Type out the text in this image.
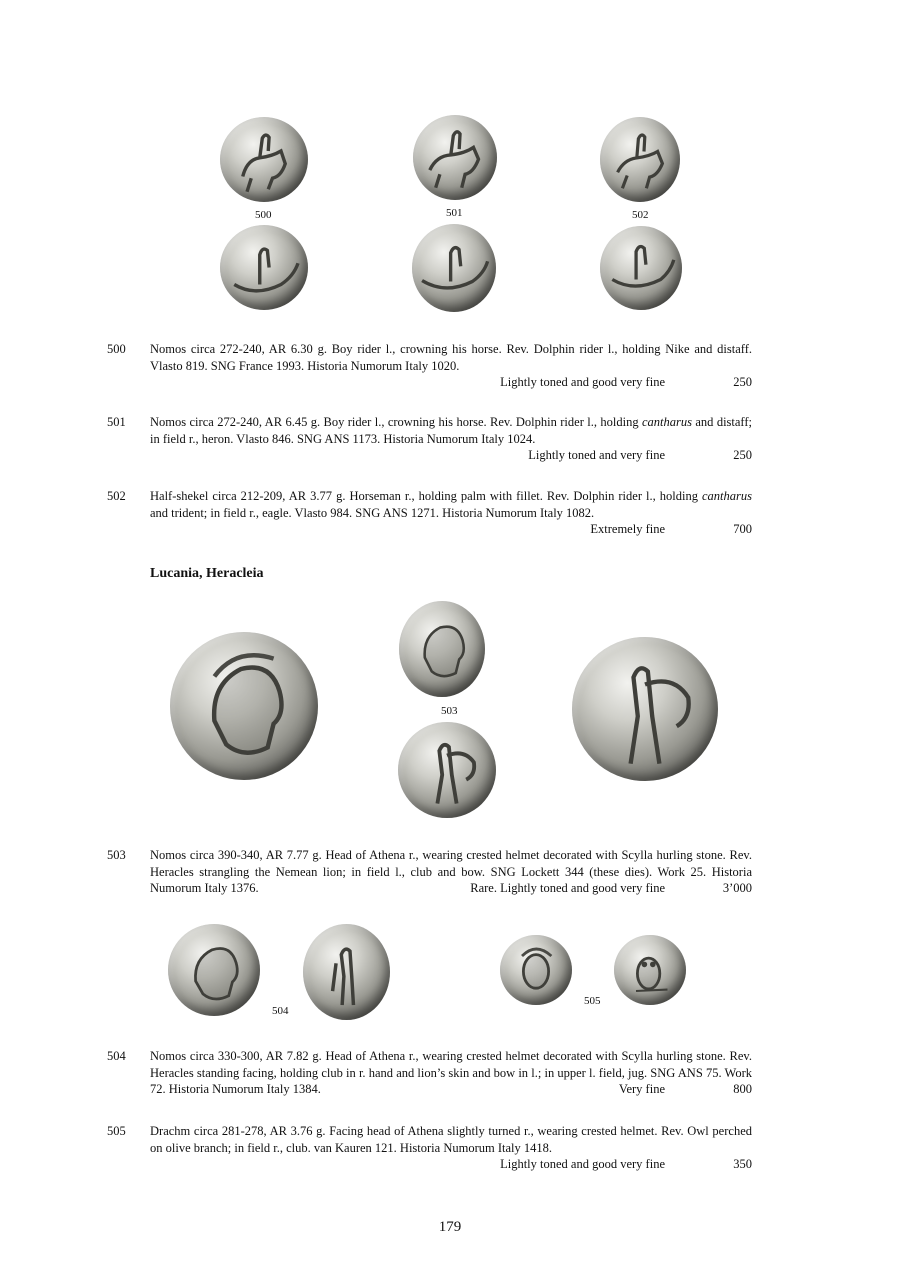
500	501	502
500 Nomos circa 272-240, AR 6.30 g. Boy rider l., crowning his horse. Rev. Dolphin rider l., holding Nike and distaff. Vlasto 819. SNG France 1993. Historia Numorum Italy 1020.
Lightly toned and good very fine	250
501 Nomos circa 272-240, AR 6.45 g. Boy rider l., crowning his horse. Rev. Dolphin rider l., holding cantharus and distaff; in field r., heron. Vlasto 846. SNG ANS 1173. Historia Numorum Italy 1024.
Lightly toned and very fine	250
502 Half-shekel circa 212-209, AR 3.77 g. Horseman r., holding palm with fillet. Rev. Dolphin rider l., holding cantharus and trident; in field r., eagle. Vlasto 984. SNG ANS 1271. Historia Numorum Italy 1082.
Extremely fine	700
Lucania, Heracleia
503
503 Nomos circa 390-340, AR 7.77 g. Head of Athena r., wearing crested helmet decorated with Scylla hurling stone. Rev. Heracles strangling the Nemean lion; in field l., club and bow. SNG Lockett 344 (these dies). Work 25. Historia Numorum Italy 1376.	Rare. Lightly toned and good very fine	3’000
504
505
504 Nomos circa 330-300, AR 7.82 g. Head of Athena r., wearing crested helmet decorated with Scylla hurling stone. Rev. Heracles standing facing, holding club in r. hand and lion’s skin and bow in l.; in upper l. field, jug. SNG ANS 75. Work 72. Historia Numorum Italy 1384.	Very fine	800
505 Drachm circa 281-278, AR 3.76 g. Facing head of Athena slightly turned r., wearing crested helmet. Rev. Owl perched on olive branch; in field r., club. van Kauren 121. Historia Numorum Italy 1418.
Lightly toned and good very fine	350
179
